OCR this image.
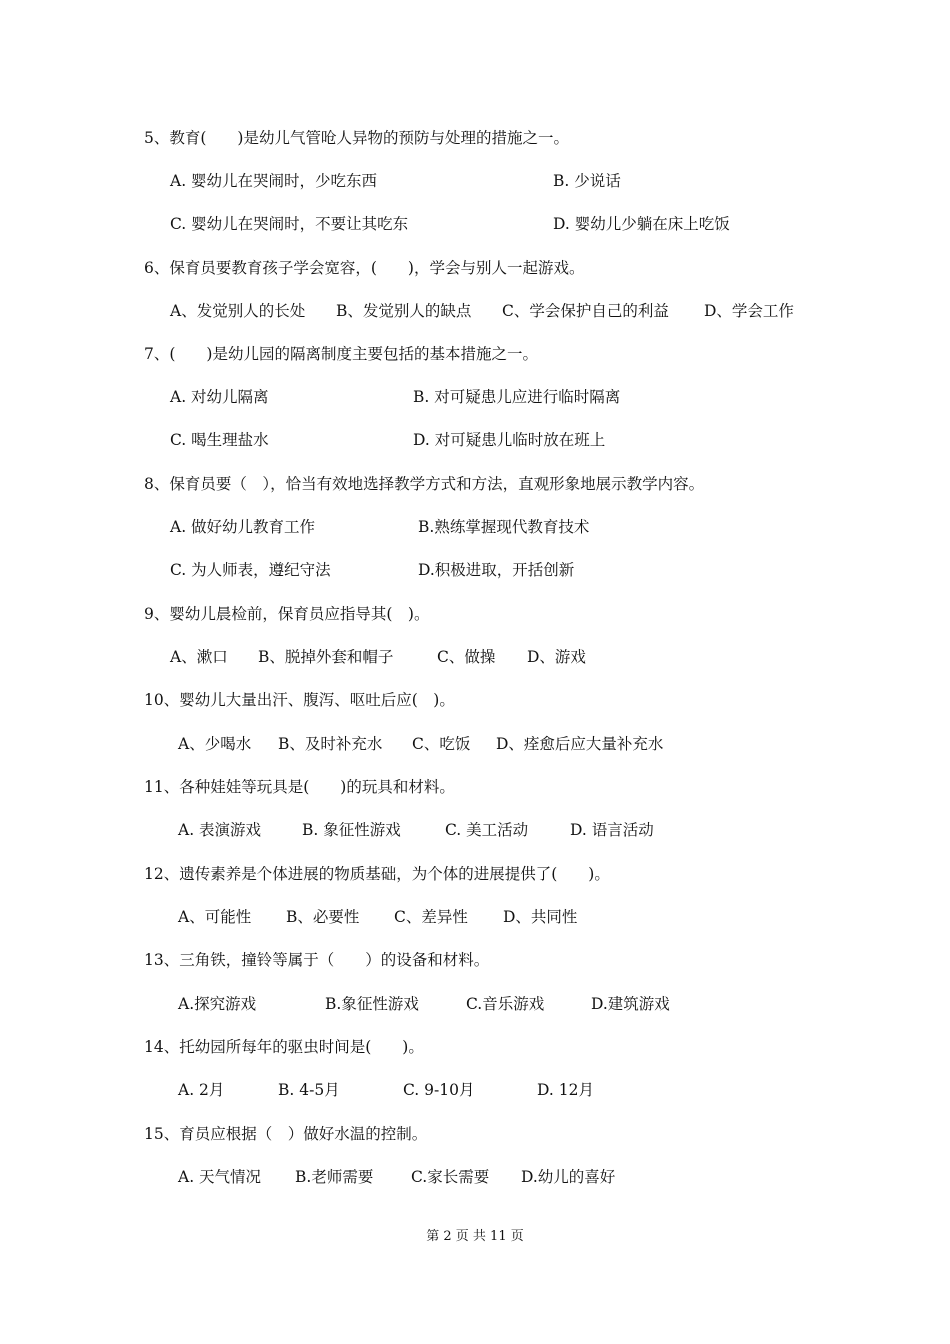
5、教育(　　)是幼儿气管呛人异物的预防与处理的措施之一。
A. 婴幼儿在哭闹时，少吃东西	B. 少说话
C. 婴幼儿在哭闹时，不要让其吃东	D. 婴幼儿少躺在床上吃饭
6、保育员要教育孩子学会宽容，(　　)，学会与别人一起游戏。
A、发觉别人的长处 B、发觉别人的缺点 C、学会保护自己的利益 D、学会工作
7、(　　)是幼儿园的隔离制度主要包括的基本措施之一。
A. 对幼儿隔离	B. 对可疑患儿应进行临时隔离
C. 喝生理盐水	D. 对可疑患儿临时放在班上
8、保育员要（　），恰当有效地选择教学方式和方法，直观形象地展示教学内容。
A. 做好幼儿教育工作	B.熟练掌握现代教育技术
C. 为人师表，遵纪守法	D.积极进取，开括创新
9、婴幼儿晨检前，保育员应指导其(　)。
A、漱口 B、脱掉外套和帽子	C、做操 D、游戏
10、婴幼儿大量出汗、腹泻、呕吐后应(　)。
A、少喝水 B、及时补充水 C、吃饭 D、痊愈后应大量补充水
11、各种娃娃等玩具是(　　)的玩具和材料。
A. 表演游戏	B. 象征性游戏	C. 美工活动	D. 语言活动
12、遗传素养是个体进展的物质基础，为个体的进展提供了(　　)。
A、可能性 B、必要性 C、差异性 D、共同性
13、三角铁，撞铃等属于（　　）的设备和材料。
A.探究游戏	B.象征性游戏	C.音乐游戏	D.建筑游戏
14、托幼园所每年的驱虫时间是(　　)。
A. 2月	B. 4-5月	C. 9-10月	D. 12月
15、育员应根据（　）做好水温的控制。
A. 天气情况 B.老师需要 C.家长需要 D.幼儿的喜好
第 2 页 共 11 页
